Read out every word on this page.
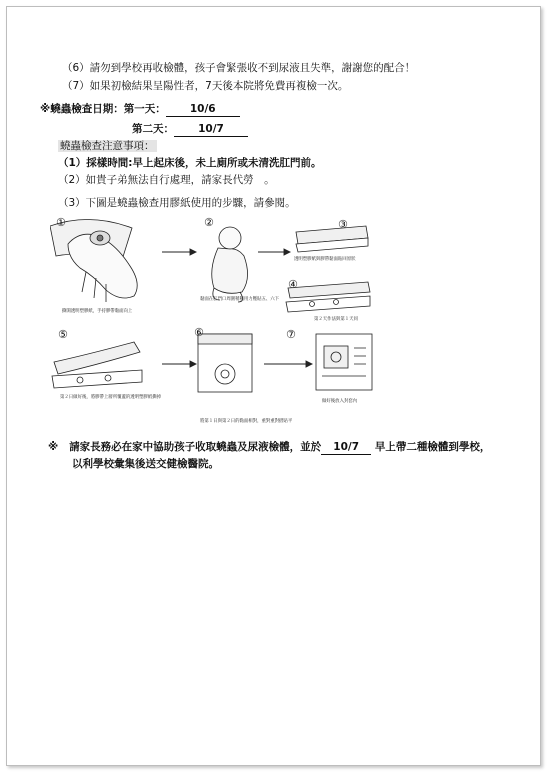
（6）請勿到學校再收檢體，孩子會緊張收不到尿液且失準，謝謝您的配合！
（7）如果初檢結果呈陽性者，7天後本院將免費再複檢一次。
※蟯蟲檢查日期：第一天： 10/6
第二天： 10/7
蟯蟲檢查注意事項：
（1）採樣時間:早上起床後，未上廁所或未清洗肛門前。
（2）如貴子弟無法自行處理，請家長代勞　。
（3）下圖是蟯蟲檢查用膠紙使用的步驟，請參閱。
①	②	③
④
⑤	⑥	⑦
撕開透明塑膠紙，手持膠帶黏面向上
黏面在肛門口周圍稍稍用力壓貼五、六下
透明塑膠紙與膠帶黏面貼回原狀
第２天作法與第１天同
第２日做好後，將膠帶上層所覆蓋的透明塑膠紙撕掉
將第１日與第２日的黏面相對，重對重對摺貼平
做好後放入封套內
※ 請家長務必在家中協助孩子收取蟯蟲及尿液檢體，並於 10/7 早上帶二種檢體到學校，
以利學校彙集後送交健檢醫院。
